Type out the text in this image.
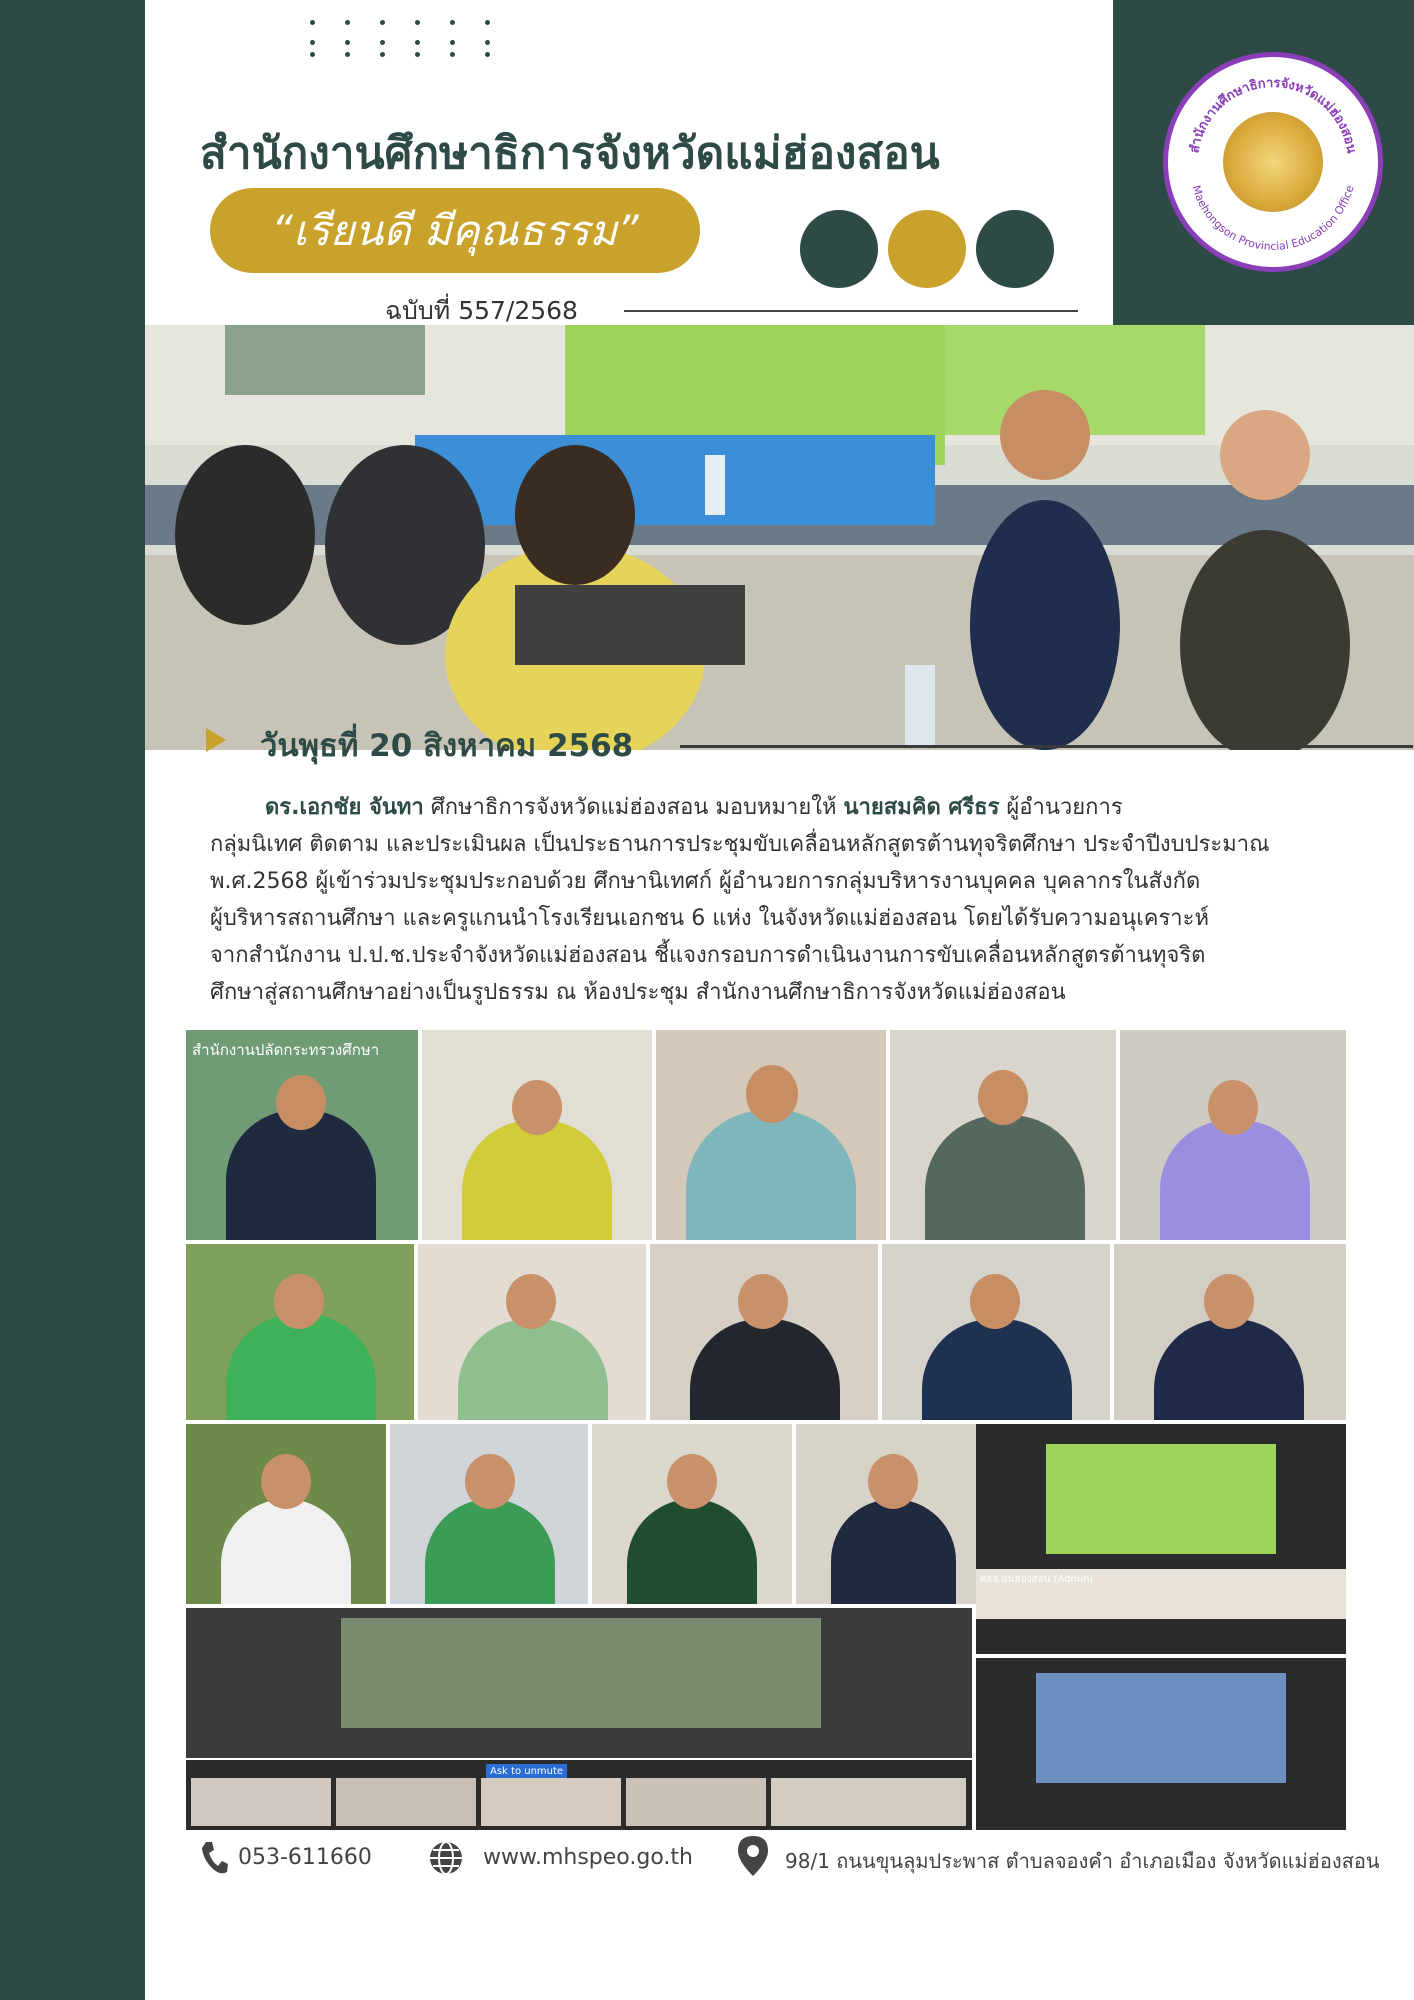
สำนักงานศึกษาธิการจังหวัดแม่ฮ่องสอน
“เรียนดี มีคุณธรรม”
ฉบับที่ 557/2568
สำนักงานศึกษาธิการจังหวัดแม่ฮ่องสอน
Maehongson Provincial Education Office
วันพุธที่ 20 สิงหาคม 2568
ดร.เอกชัย จันทา ศึกษาธิการจังหวัดแม่ฮ่องสอน มอบหมายให้ นายสมคิด ศรีธร ผู้อำนวยการ
กลุ่มนิเทศ ติดตาม และประเมินผล เป็นประธานการประชุมขับเคลื่อนหลักสูตรต้านทุจริตศึกษา ประจำปีงบประมาณ
พ.ศ.2568 ผู้เข้าร่วมประชุมประกอบด้วย ศึกษานิเทศก์ ผู้อำนวยการกลุ่มบริหารงานบุคคล บุคลากรในสังกัด
ผู้บริหารสถานศึกษา และครูแกนนำโรงเรียนเอกชน 6 แห่ง ในจังหวัดแม่ฮ่องสอน โดยได้รับความอนุเคราะห์
จากสำนักงาน ป.ป.ช.ประจำจังหวัดแม่ฮ่องสอน ชี้แจงกรอบการดำเนินงานการขับเคลื่อนหลักสูตรต้านทุจริต
ศึกษาสู่สถานศึกษาอย่างเป็นรูปธรรม ณ ห้องประชุม สำนักงานศึกษาธิการจังหวัดแม่ฮ่องสอน
สำนักงานปลัดกระทรวงศึกษา
ศธจ.แม่ฮ่องสอน (Admin)
Ask to unmute
053-611660	www.mhspeo.go.th	98/1 ถนนขุนลุมประพาส ตำบลจองคำ อำเภอเมือง จังหวัดแม่ฮ่องสอน
